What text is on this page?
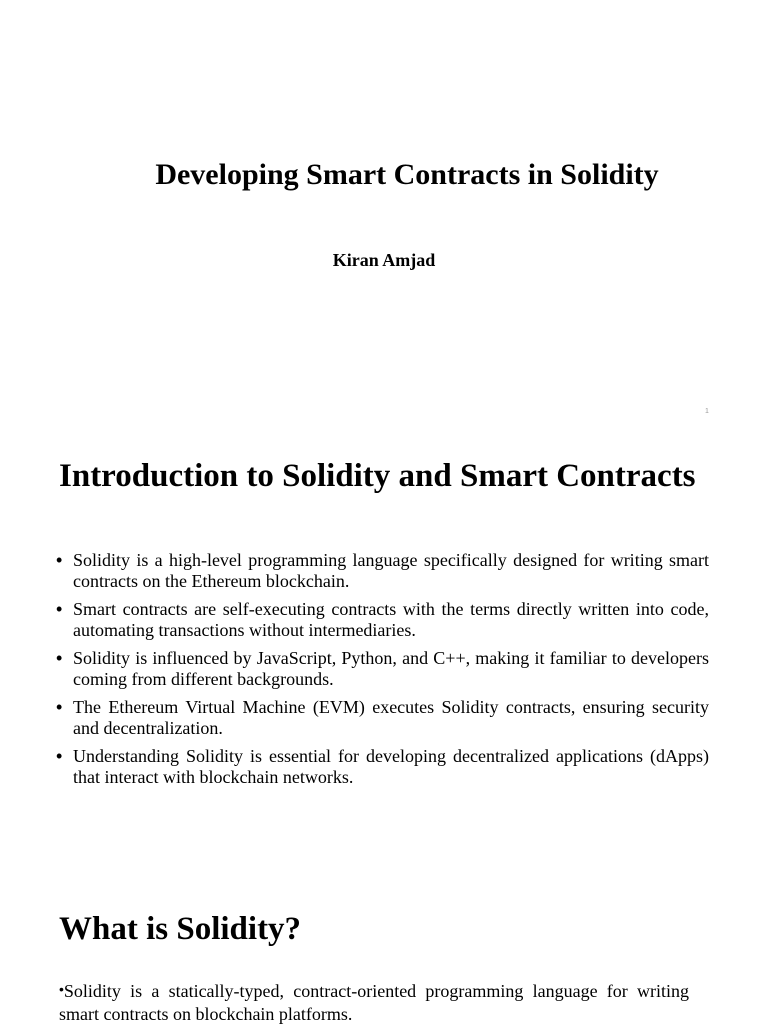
Developing Smart Contracts in Solidity
Kiran Amjad
1
Introduction to Solidity and Smart Contracts
• Solidity is a high-level programming language specifically designed for writing smart contracts on the Ethereum blockchain.
• Smart contracts are self-executing contracts with the terms directly written into code, automating transactions without intermediaries.
• Solidity is influenced by JavaScript, Python, and C++, making it familiar to developers coming from different backgrounds.
• The Ethereum Virtual Machine (EVM) executes Solidity contracts, ensuring security and decentralization.
• Understanding Solidity is essential for developing decentralized applications (dApps) that interact with blockchain networks.
What is Solidity?

•Solidity is a statically-typed, contract-oriented programming language for writing smart contracts on blockchain platforms.
